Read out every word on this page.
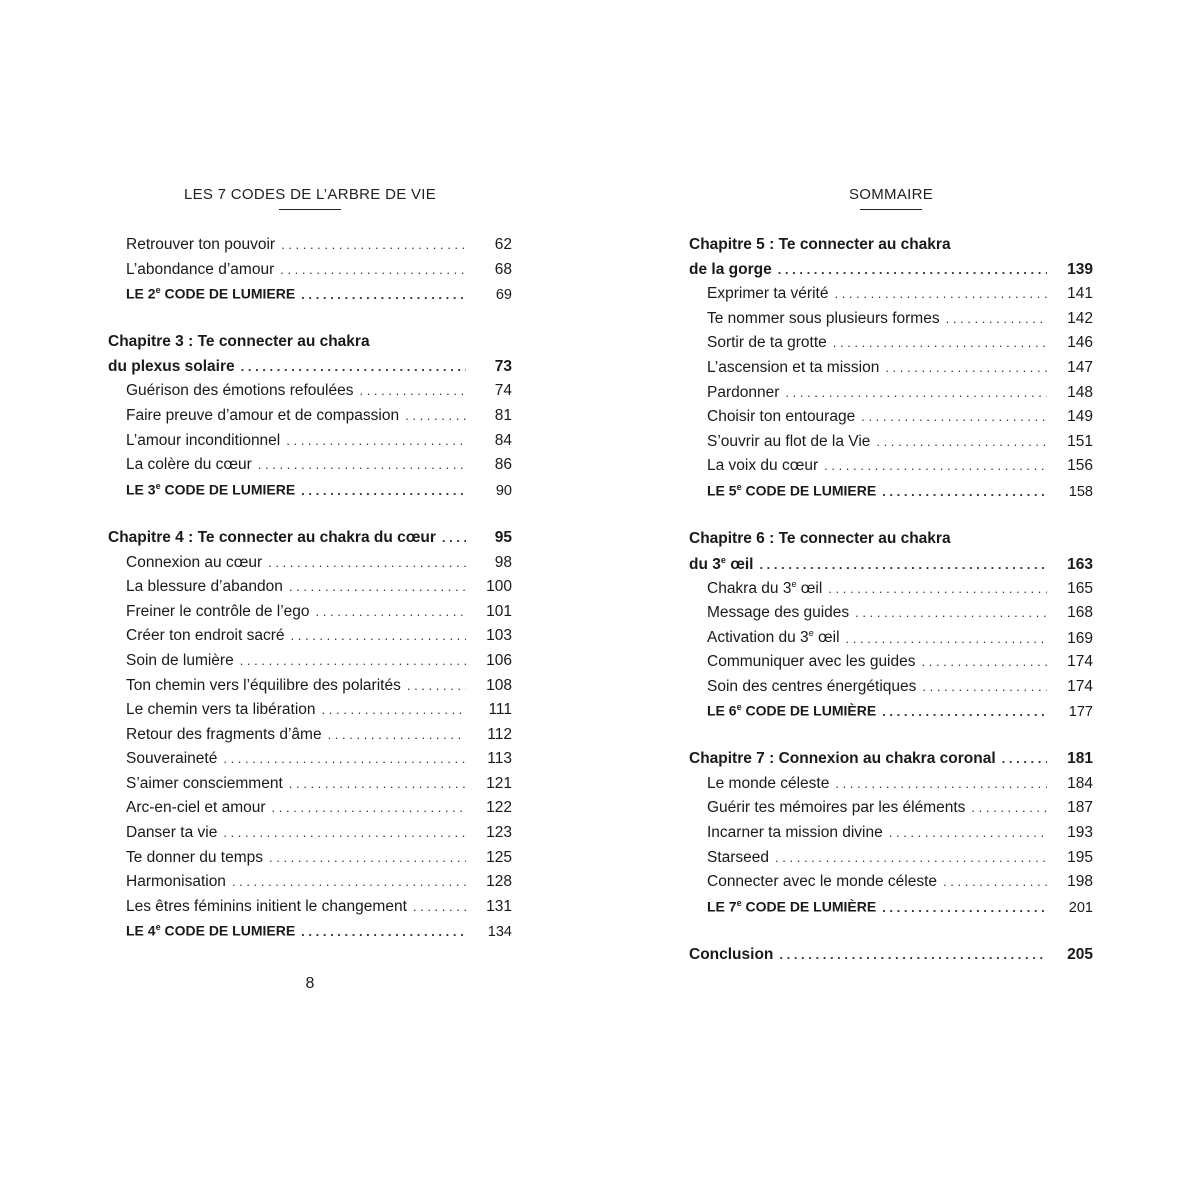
LES 7 CODES DE L’ARBRE DE VIE
Retrouver ton pouvoir . . .	62
L’abondance d’amour . . .	68
LE 2e CODE DE LUMIERE . . .	69
Chapitre 3 : Te connecter au chakra
du plexus solaire . . .	73
Guérison des émotions refoulées . . .	74
Faire preuve d’amour et de compassion . . .	81
L’amour inconditionnel . . .	84
La colère du cœur . . .	86
LE 3e CODE DE LUMIERE . . .	90
Chapitre 4 : Te connecter au chakra du cœur . . .	95
Connexion au cœur . . .	98
La blessure d’abandon . . .	100
Freiner le contrôle de l’ego . . .	101
Créer ton endroit sacré . . .	103
Soin de lumière . . .	106
Ton chemin vers l’équilibre des polarités . . .	108
Le chemin vers ta libération . . .	111
Retour des fragments d’âme . . .	112
Souveraineté . . .	113
S’aimer consciemment . . .	121
Arc-en-ciel et amour . . .	122
Danser ta vie . . .	123
Te donner du temps . . .	125
Harmonisation . . .	128
Les êtres féminins initient le changement . . .	131
LE 4e CODE DE LUMIERE . . .	134
8
SOMMAIRE
Chapitre 5 : Te connecter au chakra
de la gorge . . .	139
Exprimer ta vérité . . .	141
Te nommer sous plusieurs formes . . .	142
Sortir de ta grotte . . .	146
L’ascension et ta mission . . .	147
Pardonner . . .	148
Choisir ton entourage . . .	149
S’ouvrir au flot de la Vie . . .	151
La voix du cœur . . .	156
LE 5e CODE DE LUMIERE . . .	158
Chapitre 6 : Te connecter au chakra
du 3e œil . . .	163
Chakra du 3e œil . . .	165
Message des guides . . .	168
Activation du 3e œil . . .	169
Communiquer avec les guides . . .	174
Soin des centres énergétiques . . .	174
LE 6e CODE DE LUMIÈRE . . .	177
Chapitre 7 : Connexion au chakra coronal . . .	181
Le monde céleste . . .	184
Guérir tes mémoires par les éléments . . .	187
Incarner ta mission divine . . .	193
Starseed . . .	195
Connecter avec le monde céleste . . .	198
LE 7e CODE DE LUMIÈRE . . .	201
Conclusion . . .	205
